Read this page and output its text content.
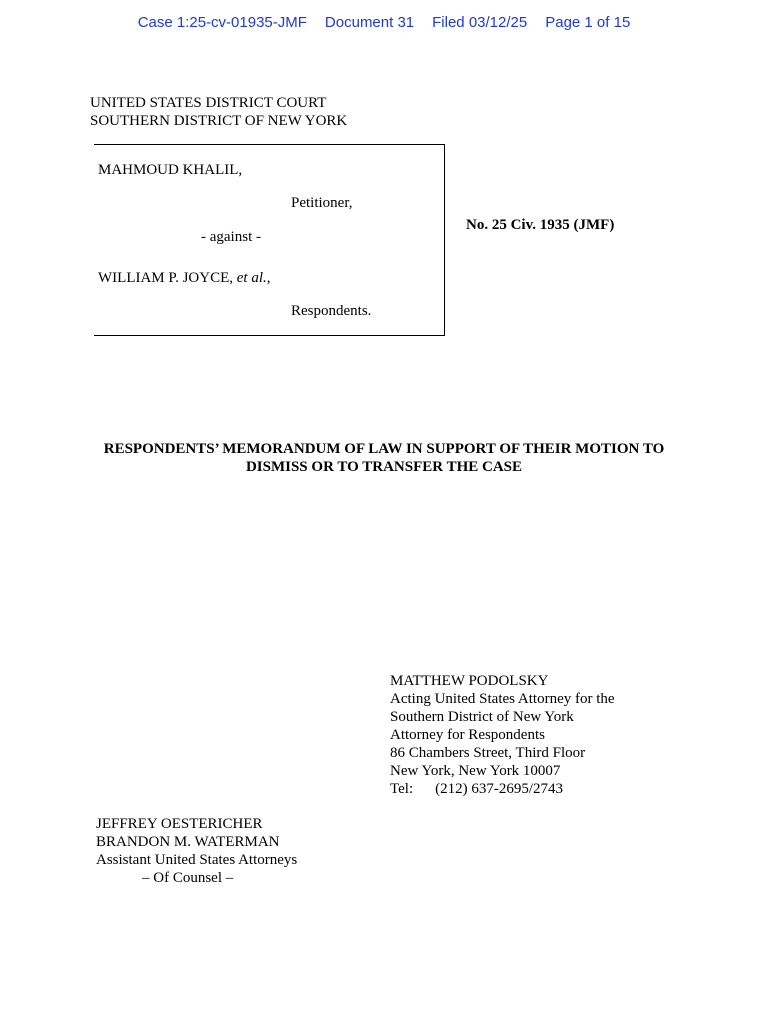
Case 1:25-cv-01935-JMF Document 31 Filed 03/12/25 Page 1 of 15
UNITED STATES DISTRICT COURT
SOUTHERN DISTRICT OF NEW YORK
MAHMOUD KHALIL,
Petitioner,
- against -
WILLIAM P. JOYCE, et al.,
Respondents.
No. 25 Civ. 1935 (JMF)
RESPONDENTS’ MEMORANDUM OF LAW IN SUPPORT OF THEIR MOTION TO
DISMISS OR TO TRANSFER THE CASE
MATTHEW PODOLSKY
Acting United States Attorney for the
Southern District of New York
Attorney for Respondents
86 Chambers Street, Third Floor
New York, New York 10007
Tel: (212) 637-2695/2743
JEFFREY OESTERICHER
BRANDON M. WATERMAN
Assistant United States Attorneys
– Of Counsel –
